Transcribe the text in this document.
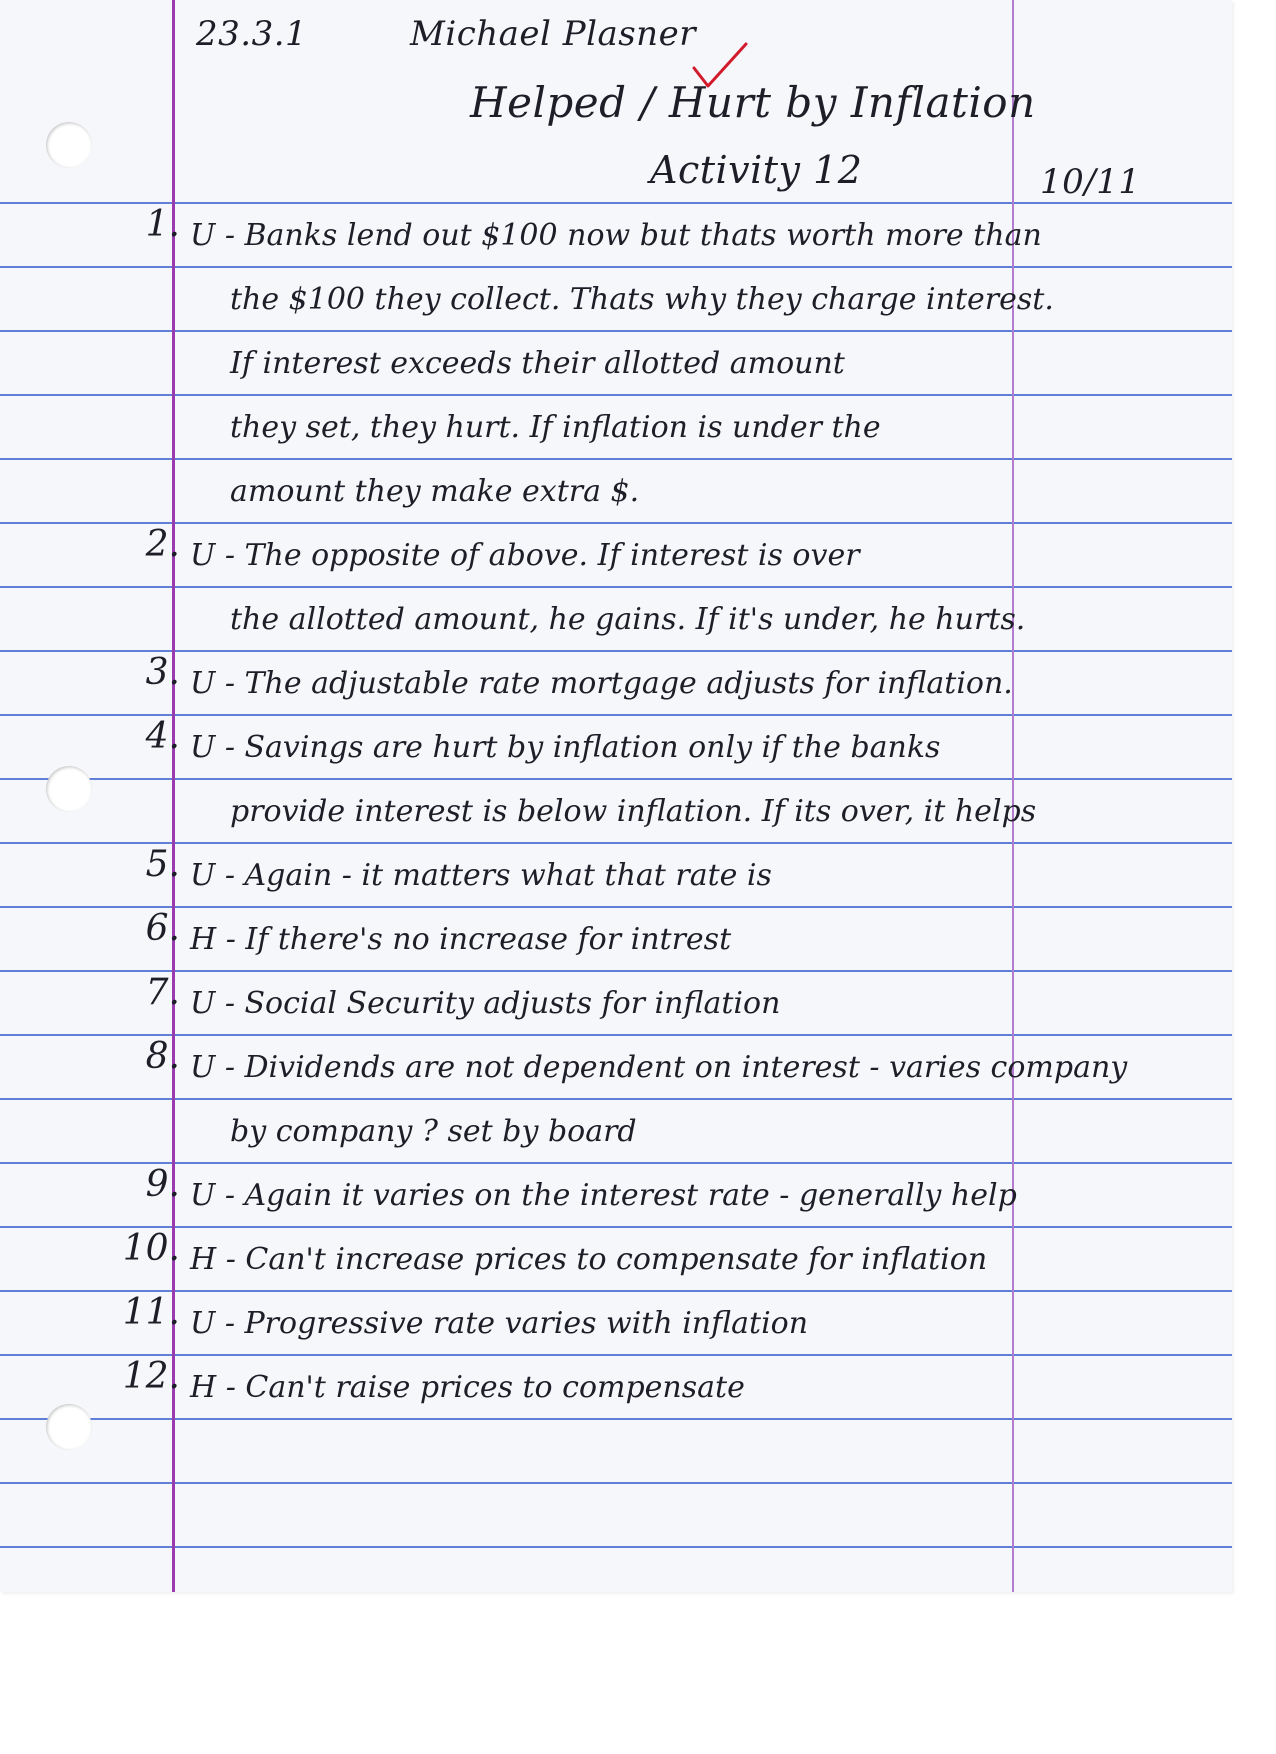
23.3.1	Michael Plasner
Helped / Hurt by Inflation
Activity 12	10/11
1. U - Banks lend out $100 now but thats worth more than
the $100 they collect. Thats why they charge interest.
If interest exceeds their allotted amount
they set, they hurt. If inflation is under the
amount they make extra $.
2. U - The opposite of above. If interest is over
the allotted amount, he gains. If it's under, he hurts.
3. U - The adjustable rate mortgage adjusts for inflation.
4. U - Savings are hurt by inflation only if the banks
provide interest is below inflation. If its over, it helps
5. U - Again - it matters what that rate is
6. H - If there's no increase for intrest
7. U - Social Security adjusts for inflation
8. U - Dividends are not dependent on interest - varies company
by company ? set by board
9. U - Again it varies on the interest rate - generally help
10. H - Can't increase prices to compensate for inflation
11. U - Progressive rate varies with inflation
12. H - Can't raise prices to compensate
